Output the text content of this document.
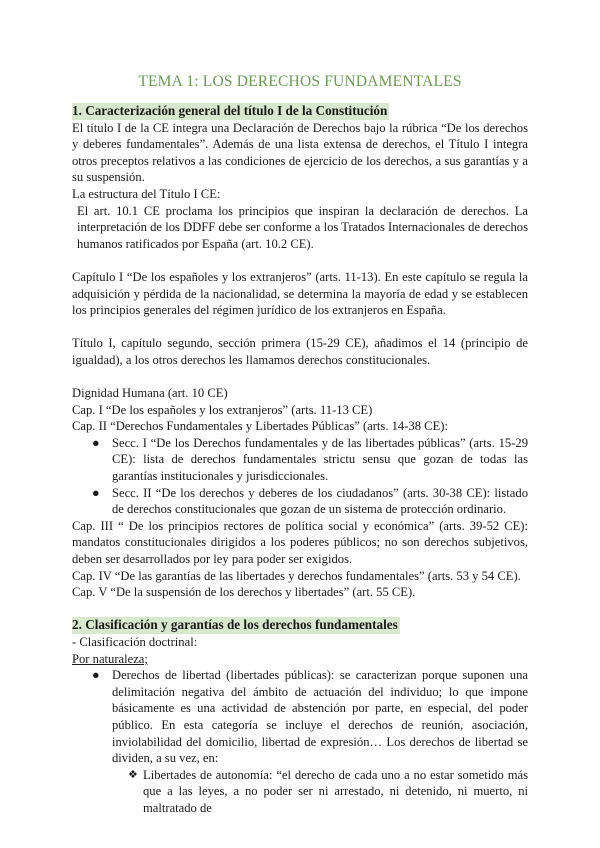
TEMA 1: LOS DERECHOS FUNDAMENTALES
1. Caracterización general del título I de la Constitución

El título I de la CE integra una Declaración de Derechos bajo la rúbrica “De los derechos y deberes fundamentales”. Además de una lista extensa de derechos, el Título I integra otros preceptos relativos a las condiciones de ejercicio de los derechos, a sus garantías y a su suspensión.

La estructura del Título I CE:

El art. 10.1 CE proclama los principios que inspiran la declaración de derechos. La interpretación de los DDFF debe ser conforme a los Tratados Internacionales de derechos humanos ratificados por España (art. 10.2 CE).

Capítulo I “De los españoles y los extranjeros” (arts. 11-13). En este capítulo se regula la adquisición y pérdida de la nacionalidad, se determina la mayoría de edad y se establecen los principios generales del régimen jurídico de los extranjeros en España.

Título I, capítulo segundo, sección primera (15-29 CE), añadimos el 14 (principio de igualdad), a los otros derechos les llamamos derechos constitucionales.

Dignidad Humana (art. 10 CE)

Cap. I “De los españoles y los extranjeros” (arts. 11-13 CE)

Cap. II “Derechos Fundamentales y Libertades Públicas” (arts. 14-38 CE):

● Secc. I “De los Derechos fundamentales y de las libertades públicas” (arts. 15-29 CE): lista de derechos fundamentales strictu sensu que gozan de todas las garantías institucionales y jurisdiccionales.
● Secc. II “De los derechos y deberes de los ciudadanos” (arts. 30-38 CE): listado de derechos constitucionales que gozan de un sistema de protección ordinario.

Cap. III “ De los principios rectores de política social y económica” (arts. 39-52 CE): mandatos constitucionales dirigidos a los poderes públicos; no son derechos subjetivos, deben ser desarrollados por ley para poder ser exigidos.

Cap. IV “De las garantías de las libertades y derechos fundamentales” (arts. 53 y 54 CE).

Cap. V “De la suspensión de los derechos y libertades” (art. 55 CE).

2. Clasificación y garantías de los derechos fundamentales

- Clasificación doctrinal:

Por naturaleza;

● Derechos de libertad (libertades públicas): se caracterizan porque suponen una delimitación negativa del ámbito de actuación del individuo; lo que impone básicamente es una actividad de abstención por parte, en especial, del poder público. En esta categoría se incluye el derechos de reunión, asociación, inviolabilidad del domicilio, libertad de expresión… Los derechos de libertad se dividen, a su vez, en:
❖ Libertades de autonomía: “el derecho de cada uno a no estar sometido más que a las leyes, a no poder ser ni arrestado, ni detenido, ni muerto, ni maltratado de
